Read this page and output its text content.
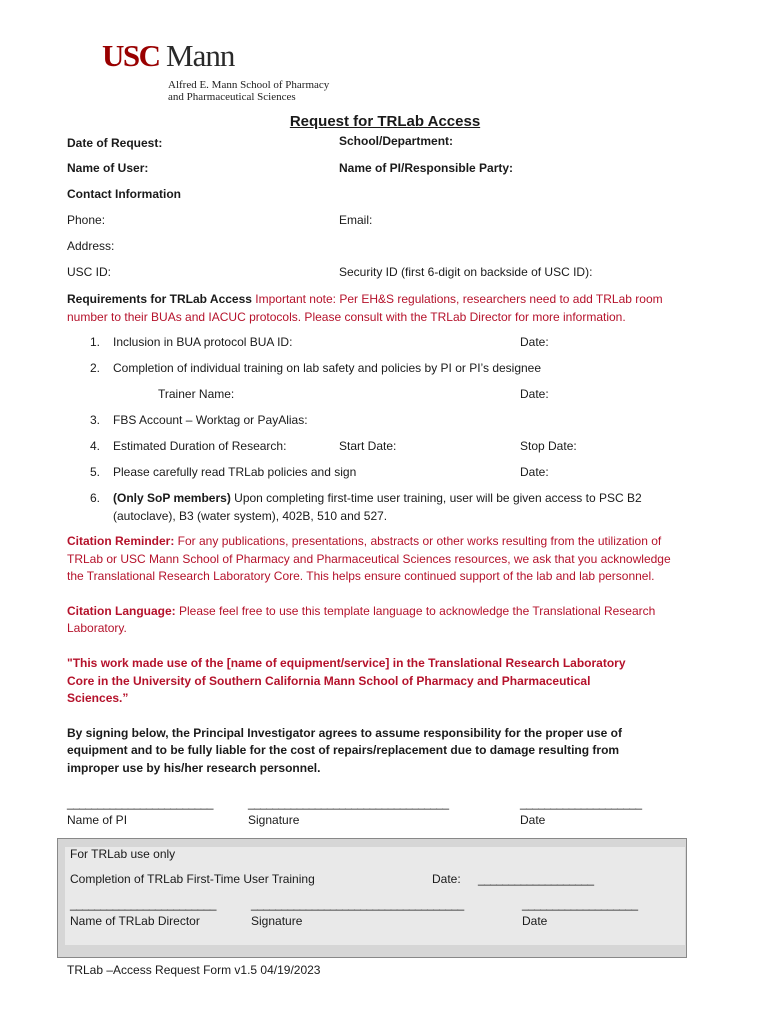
USC Mann
Alfred E. Mann School of Pharmacy
and Pharmaceutical Sciences
Request for TRLab Access
Date of Request:	School/Department:
Name of User:	Name of PI/Responsible Party:
Contact Information
Phone:	Email:
Address:
USC ID:	Security ID (first 6-digit on backside of USC ID):
Requirements for TRLab Access Important note: Per EH&S regulations, researchers need to add TRLab room
number to their BUAs and IACUC protocols. Please consult with the TRLab Director for more information.
1. Inclusion in BUA protocol BUA ID:	Date:
2. Completion of individual training on lab safety and policies by PI or PI’s designee
Trainer Name:	Date:
3. FBS Account – Worktag or PayAlias:
4. Estimated Duration of Research:	Start Date:	Stop Date:
5. Please carefully read TRLab policies and sign	Date:
6. (Only SoP members) Upon completing first-time user training, user will be given access to PSC B2
(autoclave), B3 (water system), 402B, 510 and 527.
Citation Reminder: For any publications, presentations, abstracts or other works resulting from the utilization of
TRLab or USC Mann School of Pharmacy and Pharmaceutical Sciences resources, we ask that you acknowledge
the Translational Research Laboratory Core. This helps ensure continued support of the lab and lab personnel.
Citation Language: Please feel free to use this template language to acknowledge the Translational Research
Laboratory.
"This work made use of the [name of equipment/service] in the Translational Research Laboratory
Core in the University of Southern California Mann School of Pharmacy and Pharmaceutical
Sciences.”
By signing below, the Principal Investigator agrees to assume responsibility for the proper use of
equipment and to be fully liable for the cost of repairs/replacement due to damage resulting from
improper use by his/her research personnel.
________________________	_________________________________	____________________
Name of PI	Signature	Date
For TRLab use only
Completion of TRLab First-Time User Training	Date: ___________________
________________________	___________________________________	___________________
Name of TRLab Director	Signature	Date
TRLab –Access Request Form v1.5 04/19/2023
